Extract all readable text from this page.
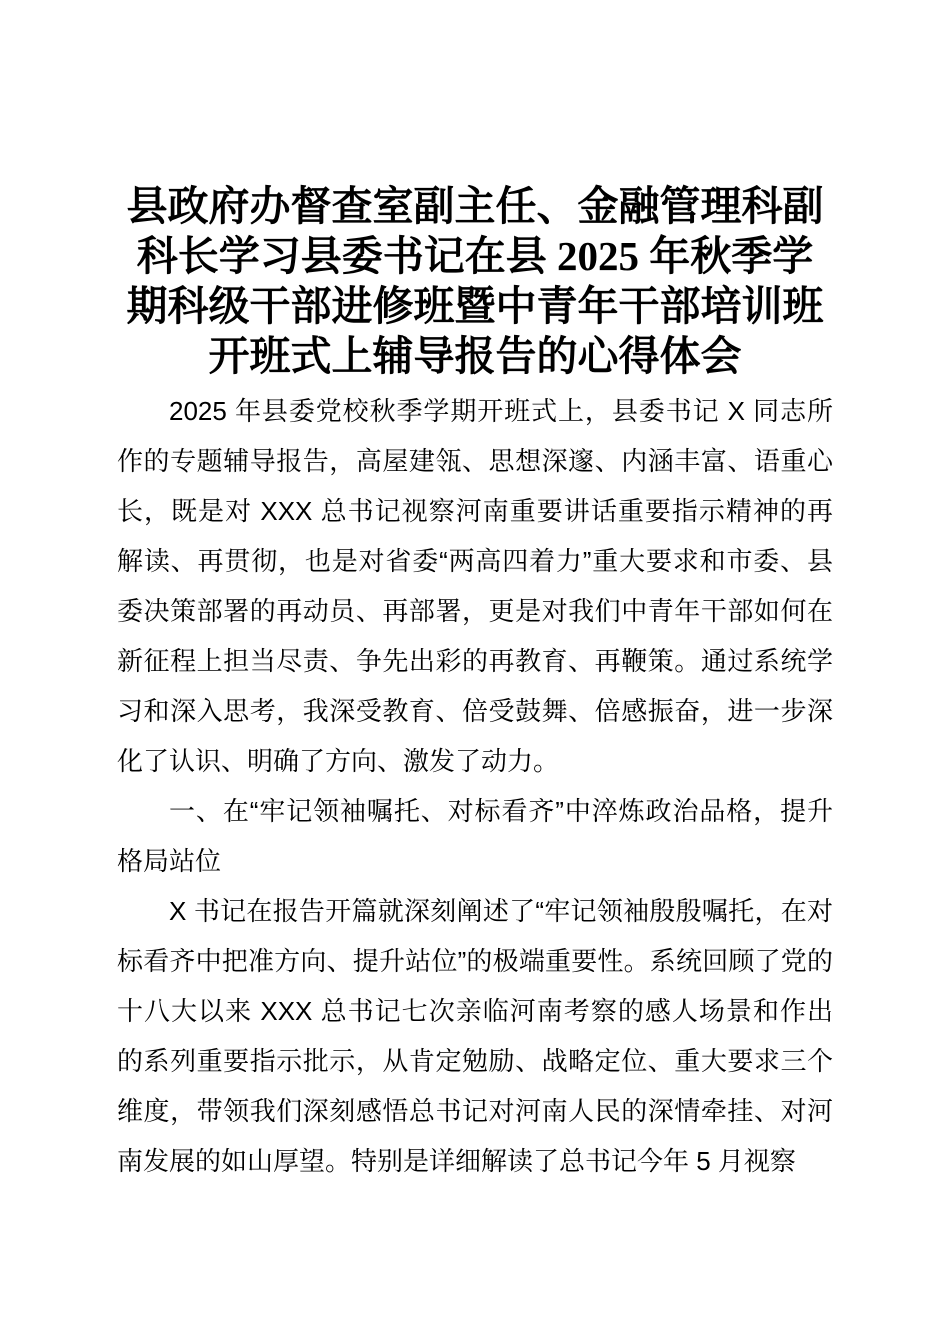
县政府办督查室副主任、金融管理科副科长学习县委书记在县 2025 年秋季学期科级干部进修班暨中青年干部培训班开班式上辅导报告的心得体会

2025 年县委党校秋季学期开班式上，县委书记 X 同志所作的专题辅导报告，高屋建瓴、思想深邃、内涵丰富、语重心长，既是对 XXX 总书记视察河南重要讲话重要指示精神的再解读、再贯彻，也是对省委“两高四着力”重大要求和市委、县委决策部署的再动员、再部署，更是对我们中青年干部如何在新征程上担当尽责、争先出彩的再教育、再鞭策。通过系统学习和深入思考，我深受教育、倍受鼓舞、倍感振奋，进一步深化了认识、明确了方向、激发了动力。

一、在“牢记领袖嘱托、对标看齐”中淬炼政治品格，提升格局站位

X 书记在报告开篇就深刻阐述了“牢记领袖殷殷嘱托，在对标看齐中把准方向、提升站位”的极端重要性。系统回顾了党的十八大以来 XXX 总书记七次亲临河南考察的感人场景和作出的系列重要指示批示，从肯定勉励、战略定位、重大要求三个维度，带领我们深刻感悟总书记对河南人民的深情牵挂、对河南发展的如山厚望。特别是详细解读了总书记今年 5 月视察
